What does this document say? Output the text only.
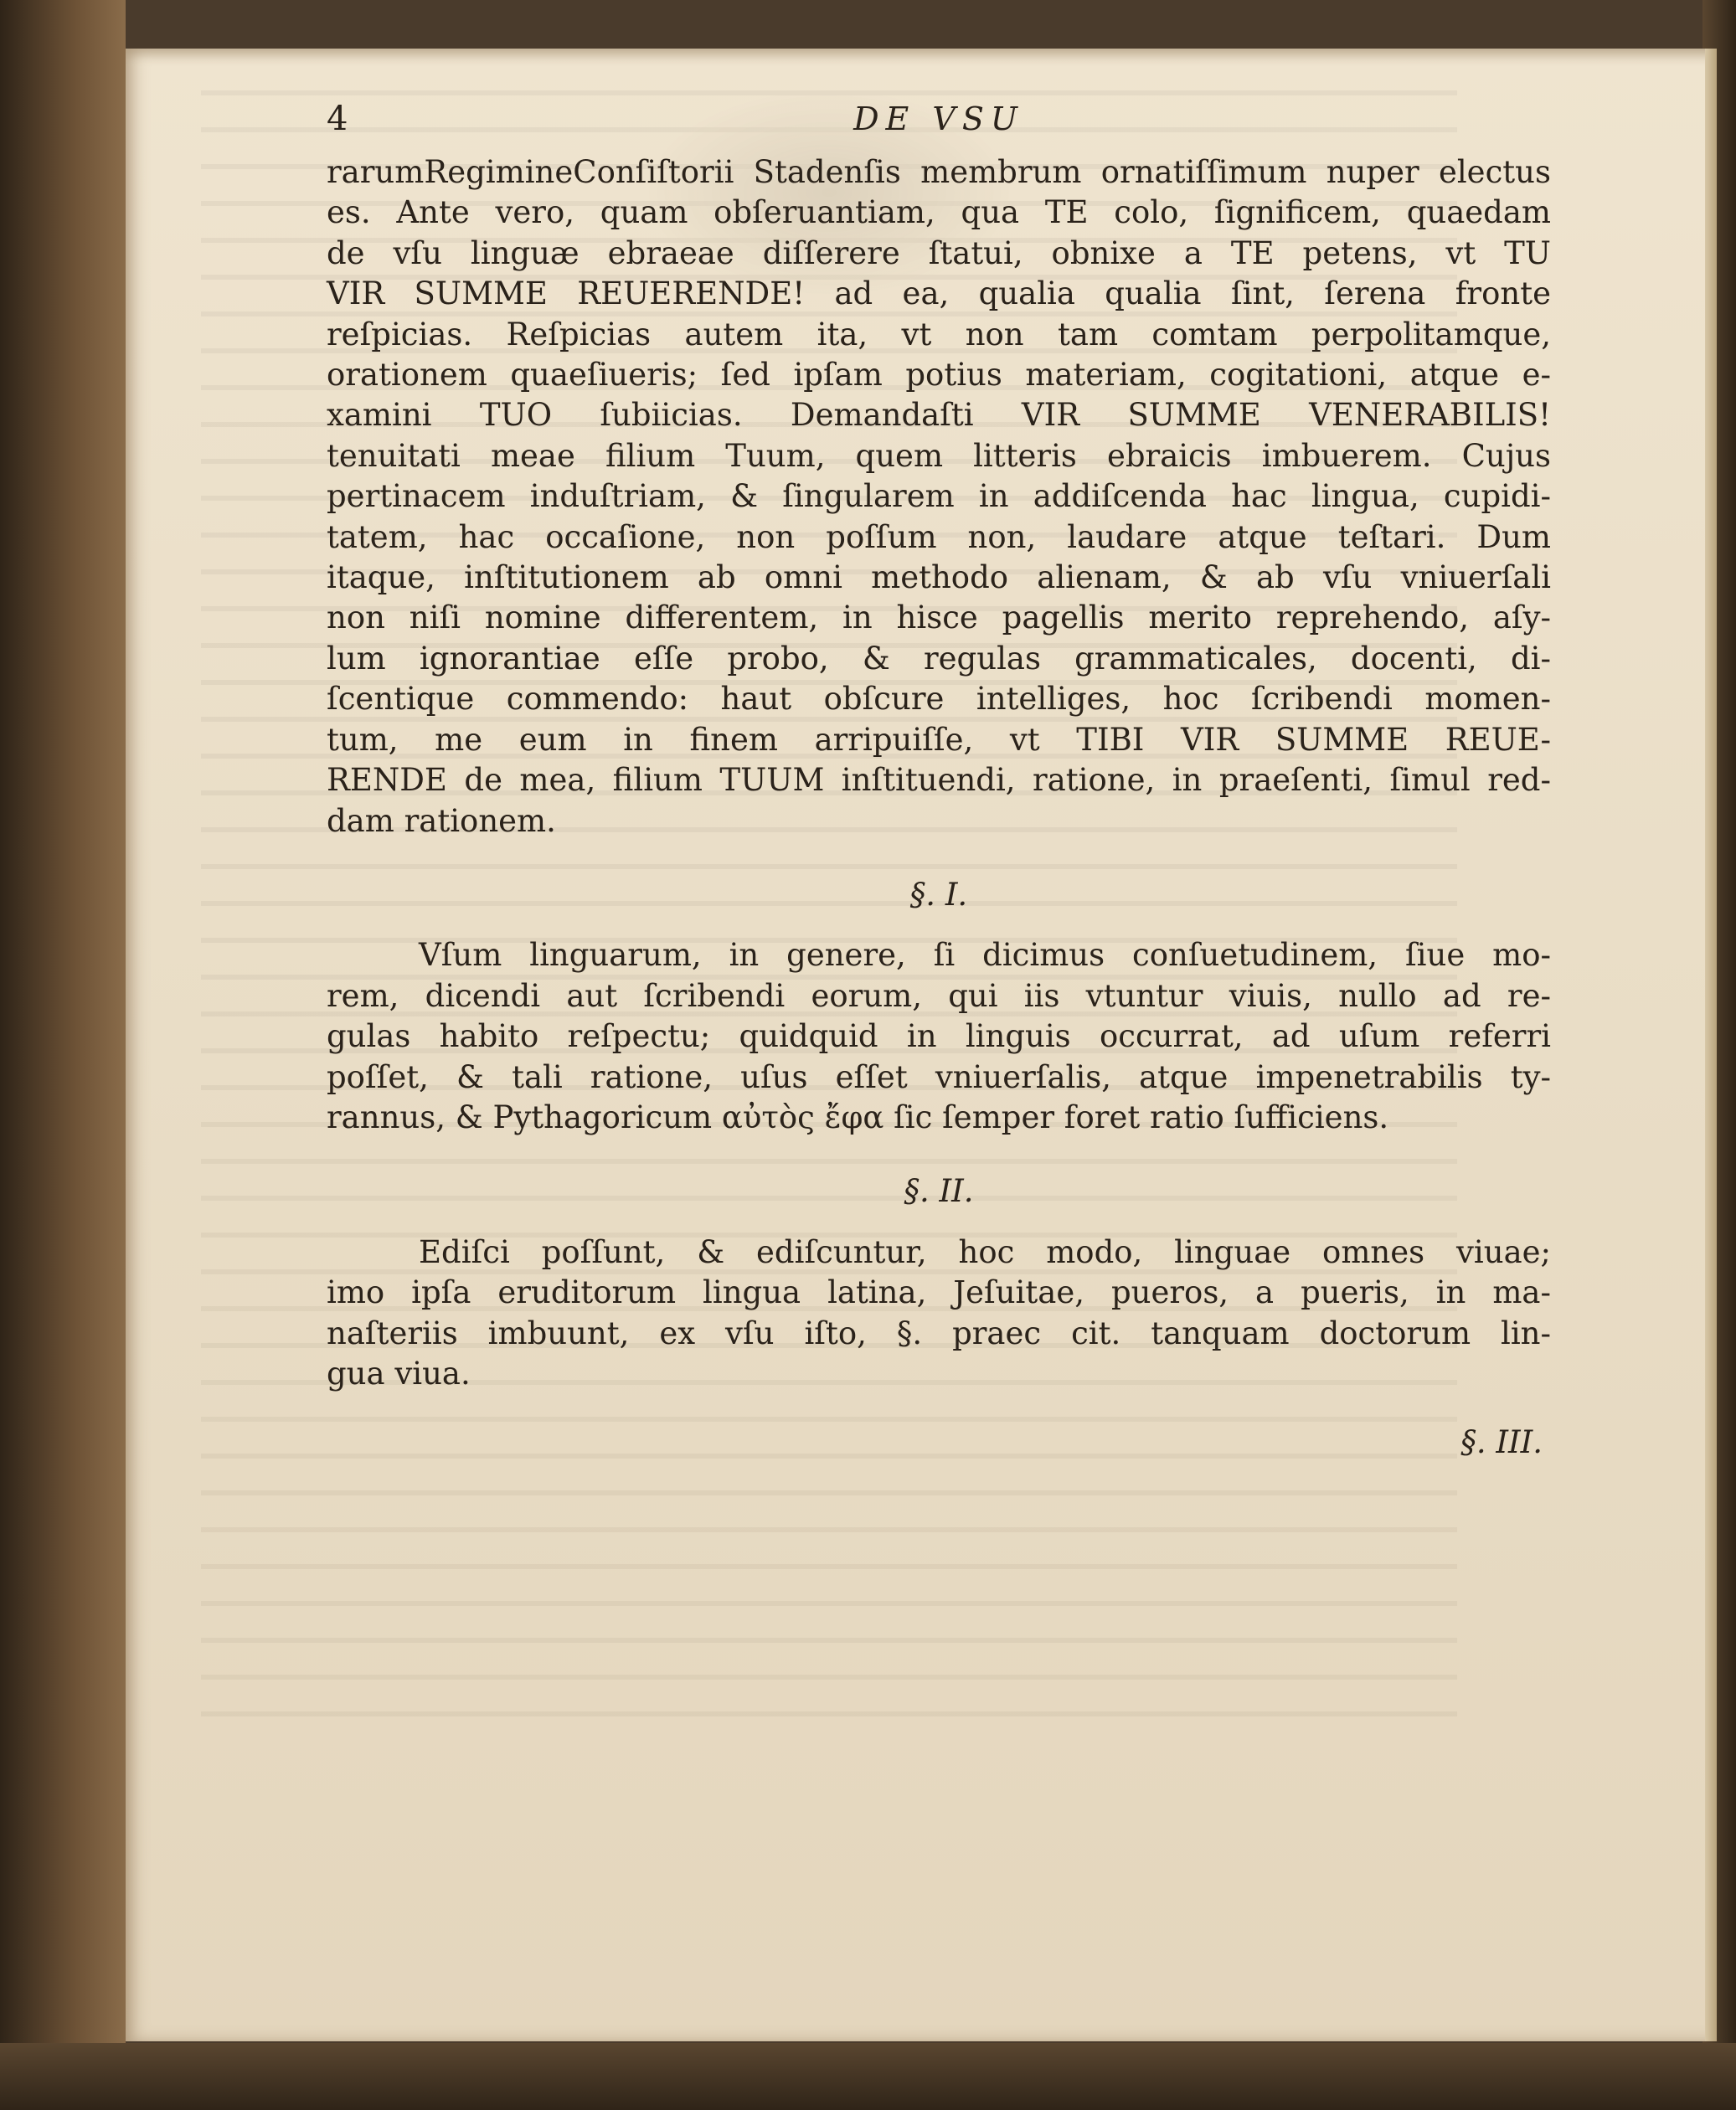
4	DE VSU
rarumRegimineConſiſtorii Stadenſis membrum ornatiſſimum nuper electus
es. Ante vero, quam obſeruantiam, qua TE colo, ſignificem, quaedam
de vſu linguæ ebraeae diſſerere ſtatui, obnixe a TE petens, vt TU
VIR SUMME REUERENDE! ad ea, qualia qualia ſint, ſerena fronte
reſpicias. Reſpicias autem ita, vt non tam comtam perpolitamque,
orationem quaeſiueris; ſed ipſam potius materiam, cogitationi, atque e-
xamini TUO ſubiicias. Demandaſti VIR SUMME VENERABILIS!
tenuitati meae filium Tuum, quem litteris ebraicis imbuerem. Cujus
pertinacem induſtriam, & ſingularem in addiſcenda hac lingua, cupidi-
tatem, hac occaſione, non poſſum non, laudare atque teſtari. Dum
itaque, inſtitutionem ab omni methodo alienam, & ab vſu vniuerſali
non niſi nomine differentem, in hisce pagellis merito reprehendo, aſy-
lum ignorantiae eſſe probo, & regulas grammaticales, docenti, di-
ſcentique commendo: haut obſcure intelliges, hoc ſcribendi momen-
tum, me eum in finem arripuiſſe, vt TIBI VIR SUMME REUE-
RENDE de mea, filium TUUM inſtituendi, ratione, in praeſenti, ſimul red-
dam rationem.
§. I.
Vſum linguarum, in genere, ſi dicimus conſuetudinem, ſiue mo-
rem, dicendi aut ſcribendi eorum, qui iis vtuntur viuis, nullo ad re-
gulas habito reſpectu; quidquid in linguis occurrat, ad uſum referri
poſſet, & tali ratione, uſus eſſet vniuerſalis, atque impenetrabilis ty-
rannus, & Pythagoricum αὐτὸς ἔφα ſic ſemper foret ratio ſufficiens.
§. II.
Ediſci poſſunt, & ediſcuntur, hoc modo, linguae omnes viuae;
imo ipſa eruditorum lingua latina, Jeſuitae, pueros, a pueris, in ma-
naſteriis imbuunt, ex vſu iſto, §. praec cit. tanquam doctorum lin-
gua viua.
§. III.
